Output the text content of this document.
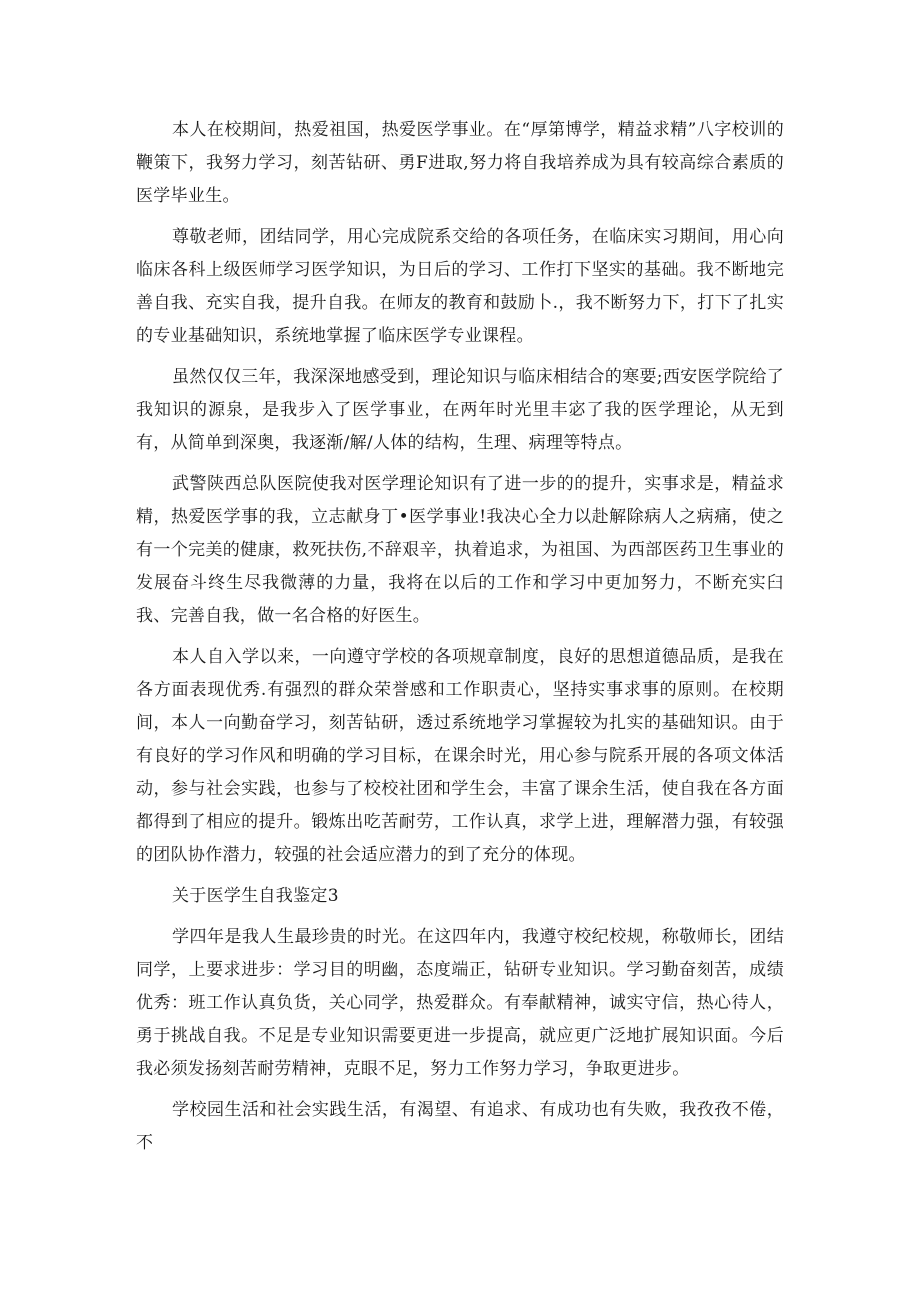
本人在校期间，热爱祖国，热爱医学事业。在“厚第博学，精益求精”八字校训的鞭策下，我努力学习，刻苦钻研、勇F进取,努力将自我培养成为具有较高综合素质的医学毕业生。

尊敬老师，团结同学，用心完成院系交给的各项任务，在临床实习期间，用心向临床各科上级医师学习医学知识，为日后的学习、工作打下坚实的基础。我不断地完善自我、充实自我，提升自我。在师友的教育和鼓励卜.，我不断努力下，打下了扎实的专业基础知识，系统地掌握了临床医学专业课程。

虽然仅仅三年，我深深地感受到，理论知识与临床相结合的寒要;西安医学院给了我知识的源泉，是我步入了医学事业，在两年时光里丰宓了我的医学理论，从无到有，从简单到深奥，我逐渐/解/人体的结构，生理、病理等特点。

武警陕西总队医院使我对医学理论知识有了进一步的的提升，实事求是，精益求精，热爱医学事的我，立志献身丁•医学事业!我决心全力以赴解除病人之病痛，使之有一个完美的健康，救死扶伤,不辞艰辛，执着追求，为祖国、为西部医药卫生事业的发展奋斗终生尽我微薄的力量，我将在以后的工作和学习中更加努力，不断充实臼我、完善自我，做一名合格的好医生。

本人自入学以来，一向遵守学校的各项规章制度，良好的思想道德品质，是我在各方面表现优秀.有强烈的群众荣誉感和工作职责心，坚持实事求事的原则。在校期间，本人一向勤奋学习，刻苦钻研，透过系统地学习掌握较为扎实的基础知识。由于有良好的学习作风和明确的学习目标，在课余时光，用心参与院系开展的各项文体活动，参与社会实践，也参与了校校社团和学生会，丰富了课余生活，使自我在各方面都得到了相应的提升。锻炼出吃苦耐劳，工作认真，求学上进，理解潜力强，有较强的团队协作潜力，较强的社会适应潜力的到了充分的体现。

关于医学生自我鉴定3

学四年是我人生最珍贵的时光。在这四年内，我遵守校纪校规，称敬师长，团结同学，上要求进步：学习目的明幽，态度端正，钻研专业知识。学习勤奋刻苦，成绩优秀：班工作认真负货，关心同学，热爱群众。有奉献精神，诚实守信，热心待人，勇于挑战自我。不足是专业知识需要更进一步提高，就应更广泛地扩展知识面。今后我必须发扬刻苦耐劳精神，克眼不足，努力工作努力学习，争取更进步。

学校园生活和社会实践生活，有渴望、有追求、有成功也有失败，我孜孜不倦，不
